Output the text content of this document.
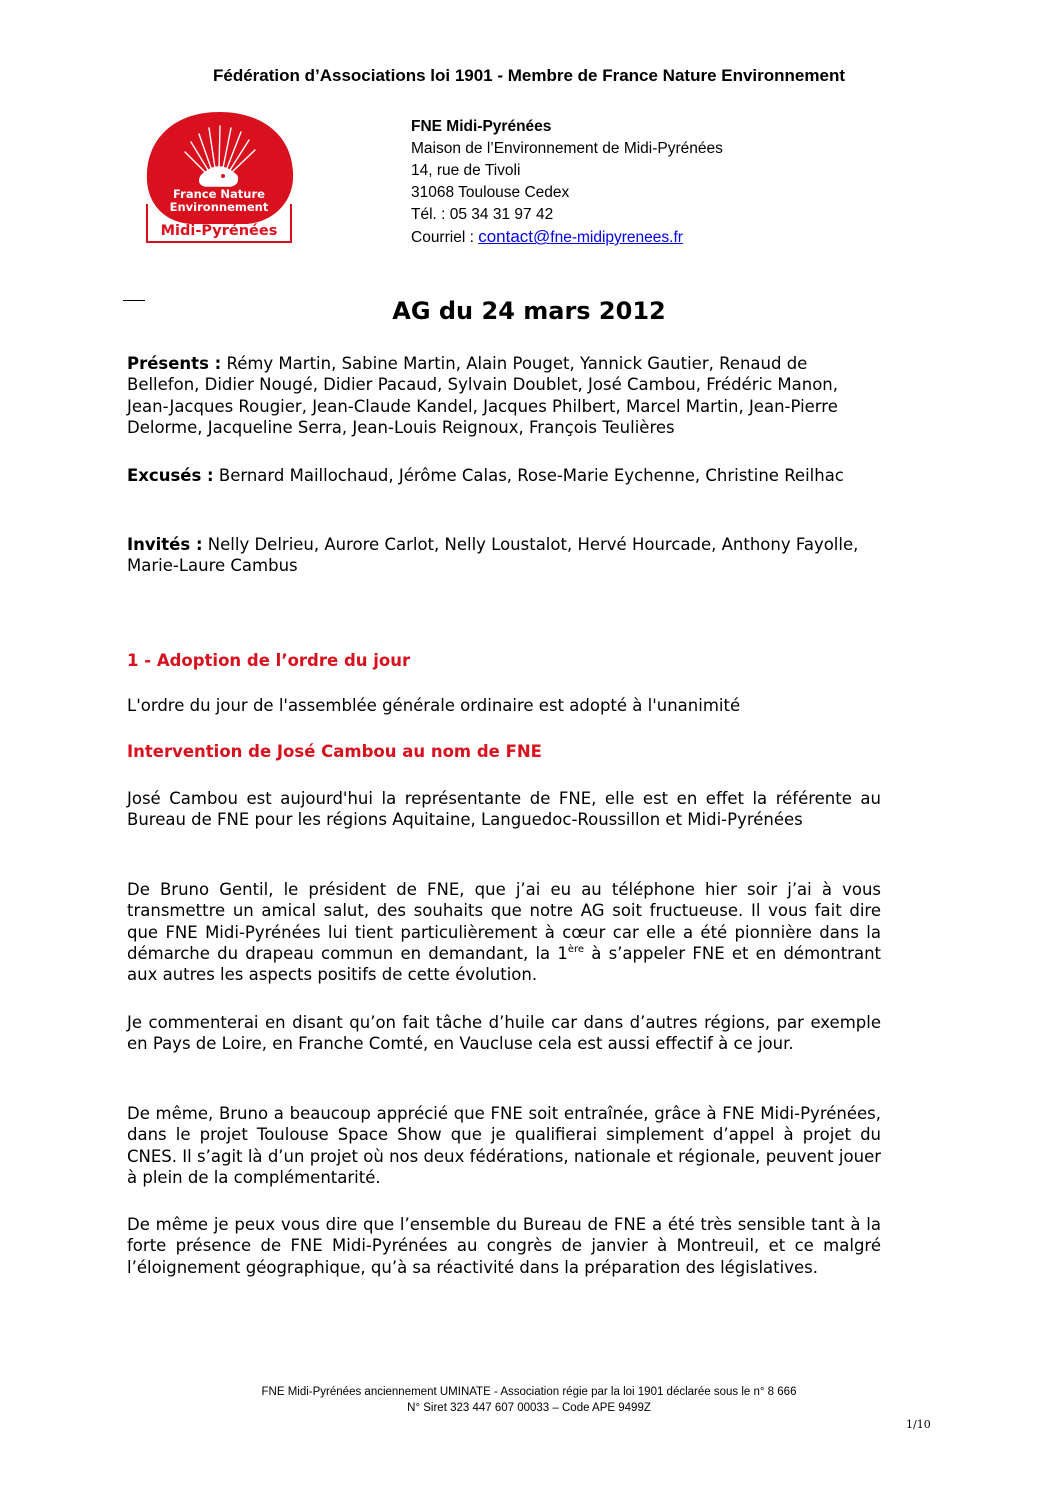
Fédération d’Associations loi 1901 - Membre de France Nature Environnement
France Nature
Environnement
Midi-Pyrénées
FNE Midi-Pyrénées
Maison de l’Environnement de Midi-Pyrénées
14, rue de Tivoli
31068 Toulouse Cedex
Tél. : 05 34 31 97 42
Courriel : contact@fne-midipyrenees.fr
AG du 24 mars 2012
Présents : Rémy Martin, Sabine Martin, Alain Pouget, Yannick Gautier, Renaud de Bellefon, Didier Nougé, Didier Pacaud, Sylvain Doublet, José Cambou, Frédéric Manon, Jean-Jacques Rougier, Jean-Claude Kandel, Jacques Philbert, Marcel Martin, Jean-Pierre Delorme, Jacqueline Serra, Jean-Louis Reignoux, François Teulières
Excusés : Bernard Maillochaud, Jérôme Calas, Rose-Marie Eychenne, Christine Reilhac
Invités : Nelly Delrieu, Aurore Carlot, Nelly Loustalot, Hervé Hourcade, Anthony Fayolle, Marie-Laure Cambus
1 - Adoption de l’ordre du jour
L'ordre du jour de l'assemblée générale ordinaire est adopté à l'unanimité
Intervention de José Cambou au nom de FNE
José Cambou est aujourd'hui la représentante de FNE, elle est en effet la référente au Bureau de FNE pour les régions Aquitaine, Languedoc-Roussillon et Midi-Pyrénées
De Bruno Gentil, le président de FNE, que j’ai eu au téléphone hier soir j’ai à vous transmettre un amical salut, des souhaits que notre AG soit fructueuse. Il vous fait dire que FNE Midi-Pyrénées lui tient particulièrement à cœur car elle a été pionnière dans la démarche du drapeau commun en demandant, la 1ère à s’appeler FNE et en démontrant aux autres les aspects positifs de cette évolution.
Je commenterai en disant qu’on fait tâche d’huile car dans d’autres régions, par exemple en Pays de Loire, en Franche Comté, en Vaucluse cela est aussi effectif à ce jour.
De même, Bruno a beaucoup apprécié que FNE soit entraînée, grâce à FNE Midi-Pyrénées, dans le projet Toulouse Space Show que je qualifierai simplement d’appel à projet du CNES. Il s’agit là d’un projet où nos deux fédérations, nationale et régionale, peuvent jouer à plein de la complémentarité.
De même je peux vous dire que l’ensemble du Bureau de FNE a été très sensible tant à la forte présence de FNE Midi-Pyrénées au congrès de janvier à Montreuil, et ce malgré l’éloignement géographique, qu’à sa réactivité dans la préparation des législatives.
FNE Midi-Pyrénées anciennement UMINATE - Association régie par la loi 1901 déclarée sous le n° 8 666
N° Siret 323 447 607 00033 – Code APE 9499Z
1/10
